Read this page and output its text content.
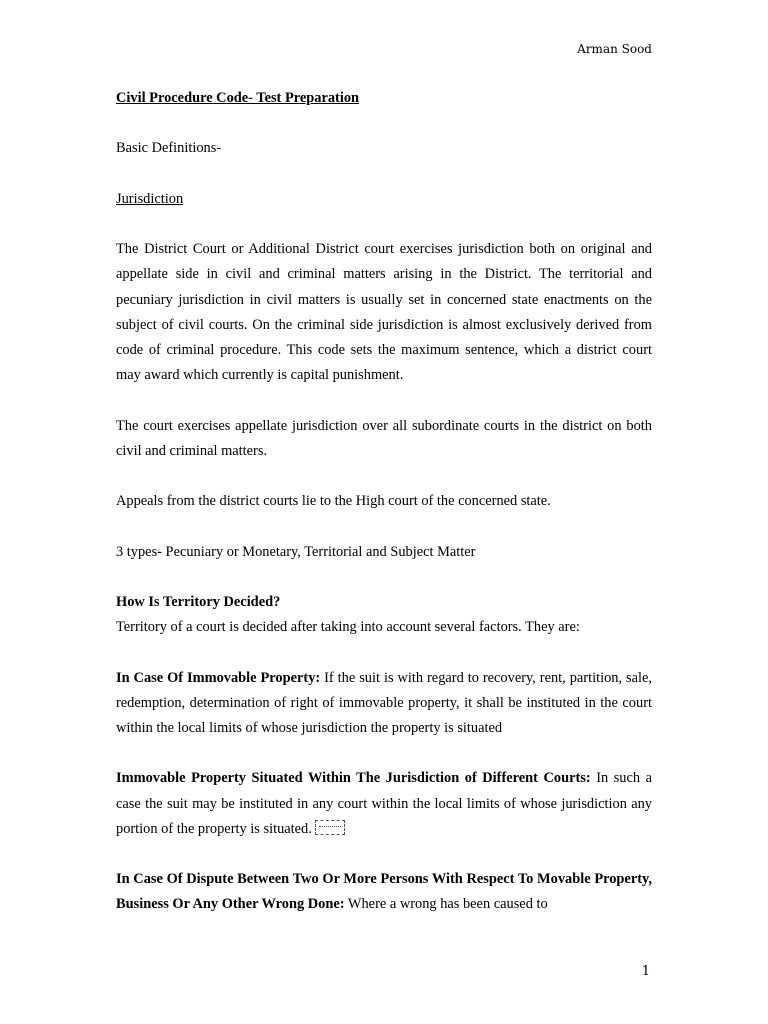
Arman Sood

Civil Procedure Code- Test Preparation

Basic Definitions-

Jurisdiction

The District Court or Additional District court exercises jurisdiction both on original and appellate side in civil and criminal matters arising in the District. The territorial and pecuniary jurisdiction in civil matters is usually set in concerned state enactments on the subject of civil courts. On the criminal side jurisdiction is almost exclusively derived from code of criminal procedure. This code sets the maximum sentence, which a district court may award which currently is capital punishment.

The court exercises appellate jurisdiction over all subordinate courts in the district on both civil and criminal matters.

Appeals from the district courts lie to the High court of the concerned state.

3 types- Pecuniary or Monetary, Territorial and Subject Matter

How Is Territory Decided?

Territory of a court is decided after taking into account several factors. They are:

In Case Of Immovable Property: If the suit is with regard to recovery, rent, partition, sale, redemption, determination of right of immovable property, it shall be instituted in the court within the local limits of whose jurisdiction the property is situated

Immovable Property Situated Within The Jurisdiction of Different Courts: In such a case the suit may be instituted in any court within the local limits of whose jurisdiction any portion of the property is situated.

In Case Of Dispute Between Two Or More Persons With Respect To Movable Property, Business Or Any Other Wrong Done: Where a wrong has been caused to

1
